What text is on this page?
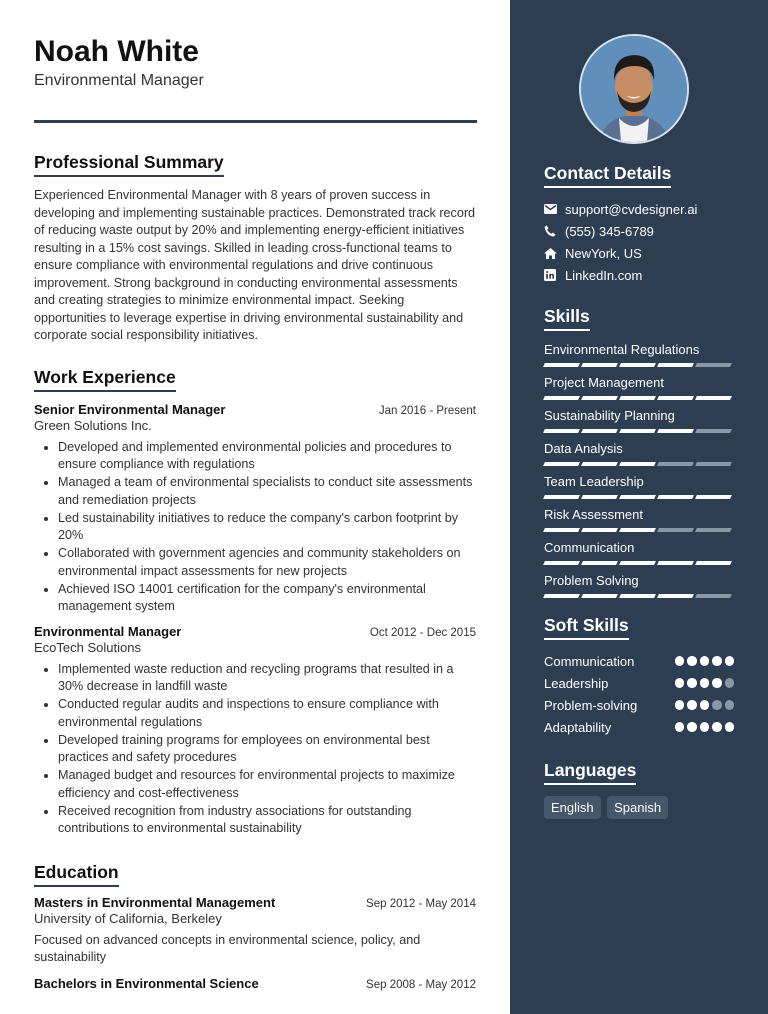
Noah White
Environmental Manager
Professional Summary

Experienced Environmental Manager with 8 years of proven success in developing and implementing sustainable practices. Demonstrated track record of reducing waste output by 20% and implementing energy-efficient initiatives resulting in a 15% cost savings. Skilled in leading cross-functional teams to ensure compliance with environmental regulations and drive continuous improvement. Strong background in conducting environmental assessments and creating strategies to minimize environmental impact. Seeking opportunities to leverage expertise in driving environmental sustainability and corporate social responsibility initiatives.

Work Experience
Senior Environmental Manager	Jan 2016 - Present
Green Solutions Inc.
• Developed and implemented environmental policies and procedures to ensure compliance with regulations
• Managed a team of environmental specialists to conduct site assessments and remediation projects
• Led sustainability initiatives to reduce the company's carbon footprint by 20%
• Collaborated with government agencies and community stakeholders on environmental impact assessments for new projects
• Achieved ISO 14001 certification for the company's environmental management system
Environmental Manager	Oct 2012 - Dec 2015
EcoTech Solutions
• Implemented waste reduction and recycling programs that resulted in a 30% decrease in landfill waste
• Conducted regular audits and inspections to ensure compliance with environmental regulations
• Developed training programs for employees on environmental best practices and safety procedures
• Managed budget and resources for environmental projects to maximize efficiency and cost-effectiveness
• Received recognition from industry associations for outstanding contributions to environmental sustainability
Education
Masters in Environmental Management	Sep 2012 - May 2014
University of California, Berkeley

Focused on advanced concepts in environmental science, policy, and sustainability

Bachelors in Environmental Science	Sep 2008 - May 2012
Contact Details
support@cvdesigner.ai
(555) 345-6789
NewYork, US
LinkedIn.com
Skills
Environmental Regulations
Project Management
Sustainability Planning
Data Analysis
Team Leadership
Risk Assessment
Communication
Problem Solving
Soft Skills
Communication
Leadership
Problem-solving
Adaptability
Languages
English Spanish
